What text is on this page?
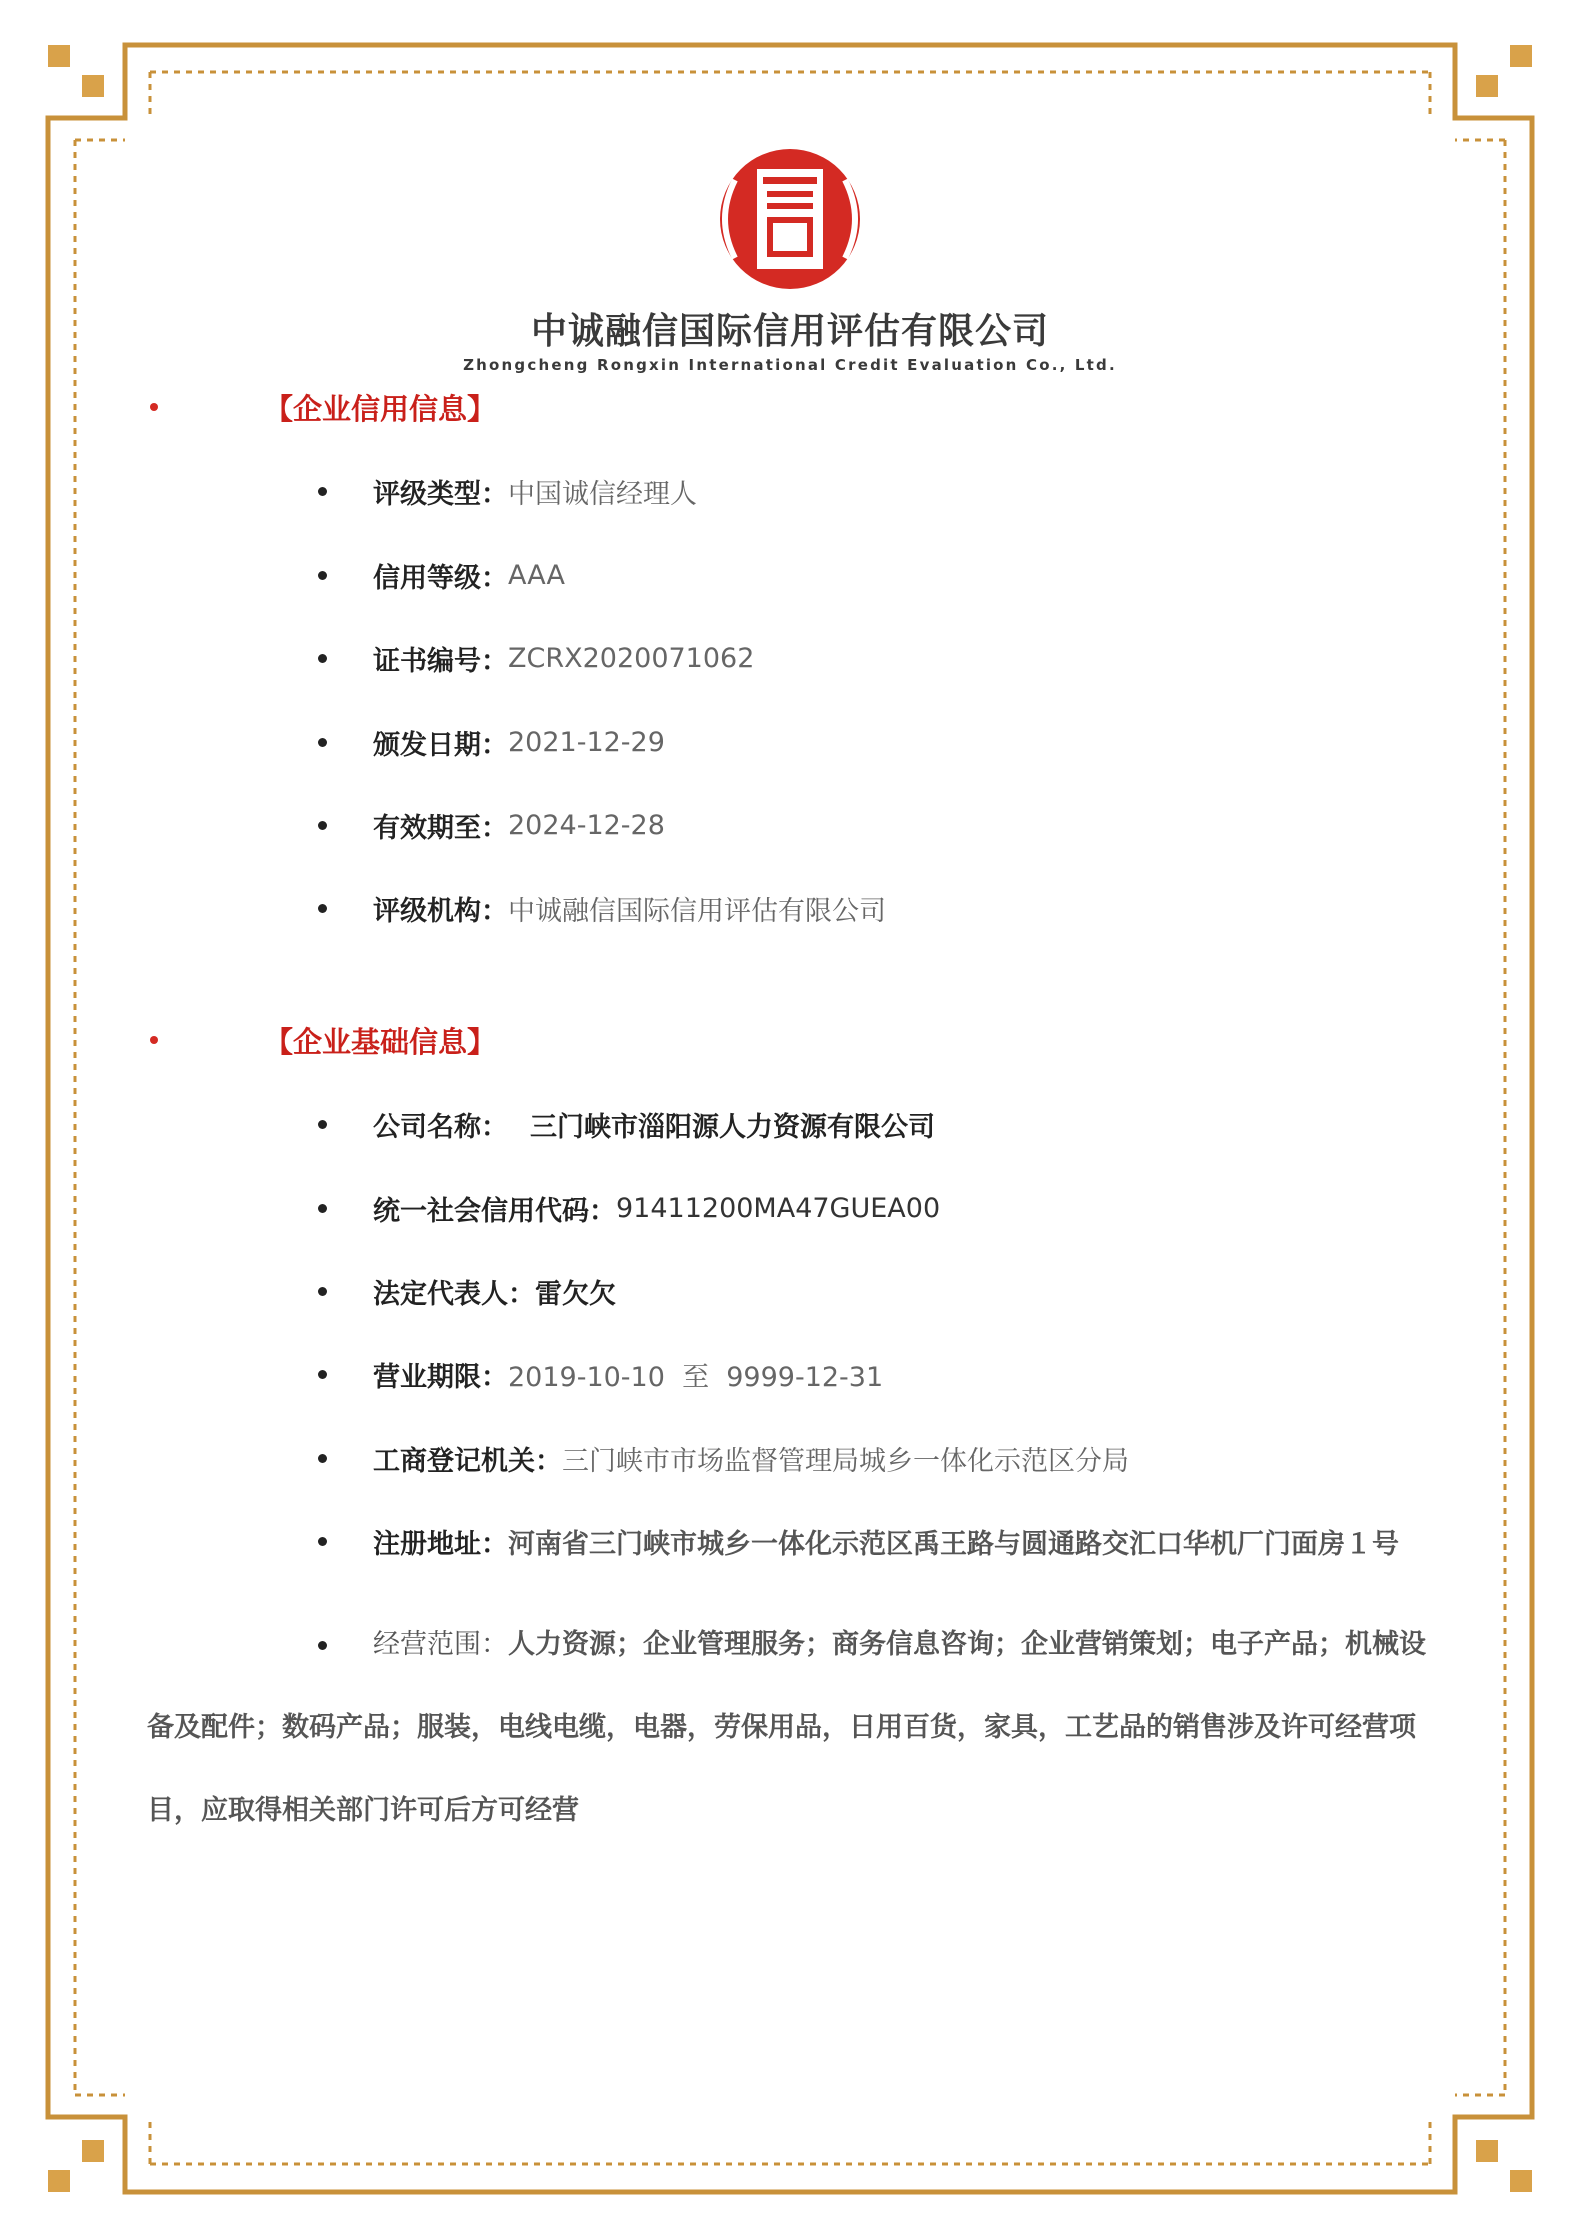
中诚融信国际信用评估有限公司
Zhongcheng Rongxin International Credit Evaluation Co., Ltd.
【企业信用信息】
评级类型： 中国诚信经理人
信用等级： AAA
证书编号： ZCRX2020071062
颁发日期： 2021-12-29
有效期至： 2024-12-28
评级机构： 中诚融信国际信用评估有限公司
【企业基础信息】
公司名称： 三门峡市淄阳源人力资源有限公司
统一社会信用代码： 91411200MA47GUEA00
法定代表人： 雷欠欠
营业期限： 2019-10-10  至  9999-12-31
工商登记机关： 三门峡市市场监督管理局城乡一体化示范区分局
注册地址： 河南省三门峡市城乡一体化示范区禹王路与圆通路交汇口华机厂门面房１号
经营范围：人力资源；企业管理服务；商务信息咨询；企业营销策划；电子产品；机械设备及配件；数码产品；服装，电线电缆，电器，劳保用品，日用百货，家具，工艺品的销售涉及许可经营项目，应取得相关部门许可后方可经营
